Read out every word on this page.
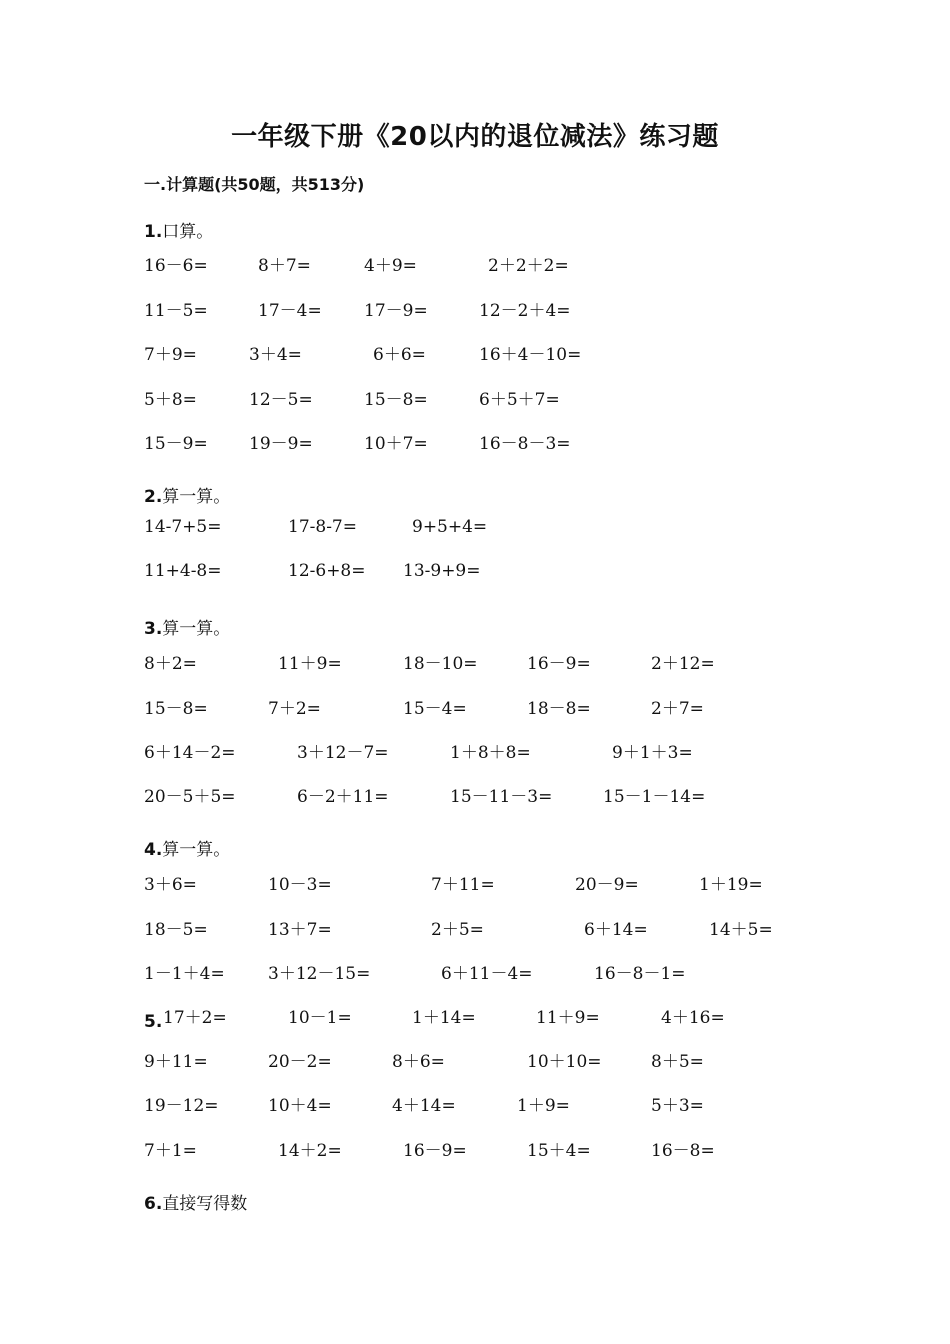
一年级下册《20以内的退位减法》练习题
一.计算题(共50题，共513分)
1.口算。
2.算一算。
3.算一算。
4.算一算。
5.
6.直接写得数
16－6=	8＋7=	4＋9=	2＋2＋2=
11－5=	17－4= 17－9=	12－2＋4=
7＋9=	3＋4=	6＋6=	16＋4－10=
5＋8=	12－5=	15－8=	6＋5＋7=
15－9= 19－9=	10＋7=	16－8－3=
14-7+5=	17-8-7=	9+5+4=
11+4-8=	12-6+8= 13-9+9=
8＋2=	11＋9=	18－10=	16－9=	2＋12=
15－8=	7＋2=	15－4=	18－8=	2＋7=
6＋14－2=	3＋12－7=	1＋8＋8=	9＋1＋3=
20－5＋5=	6－2＋11=	15－11－3=	15－1－14=
3＋6=	10－3=	7＋11=	20－9=	1＋19=
18－5=	13＋7=	2＋5=	6＋14=	14＋5=
1－1＋4=	3＋12－15=	6＋11－4=	16－8－1=
17＋2=	10－1=	1＋14=	11＋9=	4＋16=
9＋11=	20－2=	8＋6=	10＋10=	8＋5=
19－12=	10＋4=	4＋14=	1＋9=	5＋3=
7＋1=	14＋2=	16－9=	15＋4=	16－8=
